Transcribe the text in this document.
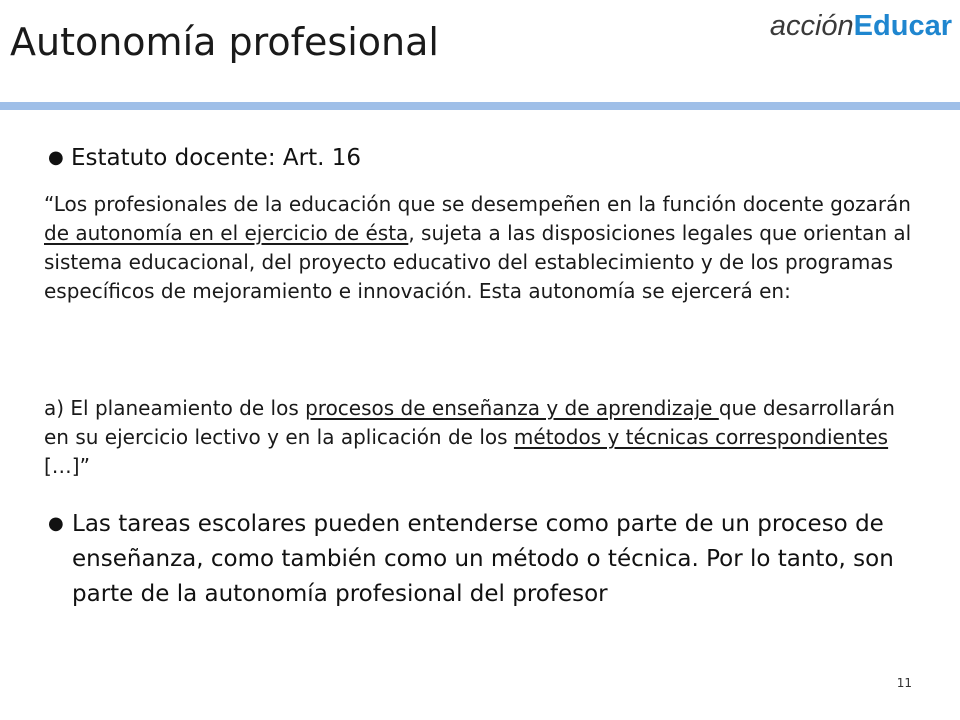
Autonomía profesional	acciónEducar
● Estatuto docente: Art. 16

“Los profesionales de la educación que se desempeñen en la función docente gozarán de autonomía en el ejercicio de ésta, sujeta a las disposiciones legales que orientan al sistema educacional, del proyecto educativo del establecimiento y de los programas específicos de mejoramiento e innovación. Esta autonomía se ejercerá en:

a) El planeamiento de los procesos de enseñanza y de aprendizaje que desarrollarán en su ejercicio lectivo y en la aplicación de los métodos y técnicas correspondientes […]”

● Las tareas escolares pueden entenderse como parte de un proceso de enseñanza, como también como un método o técnica. Por lo tanto, son parte de la autonomía profesional del profesor
11
